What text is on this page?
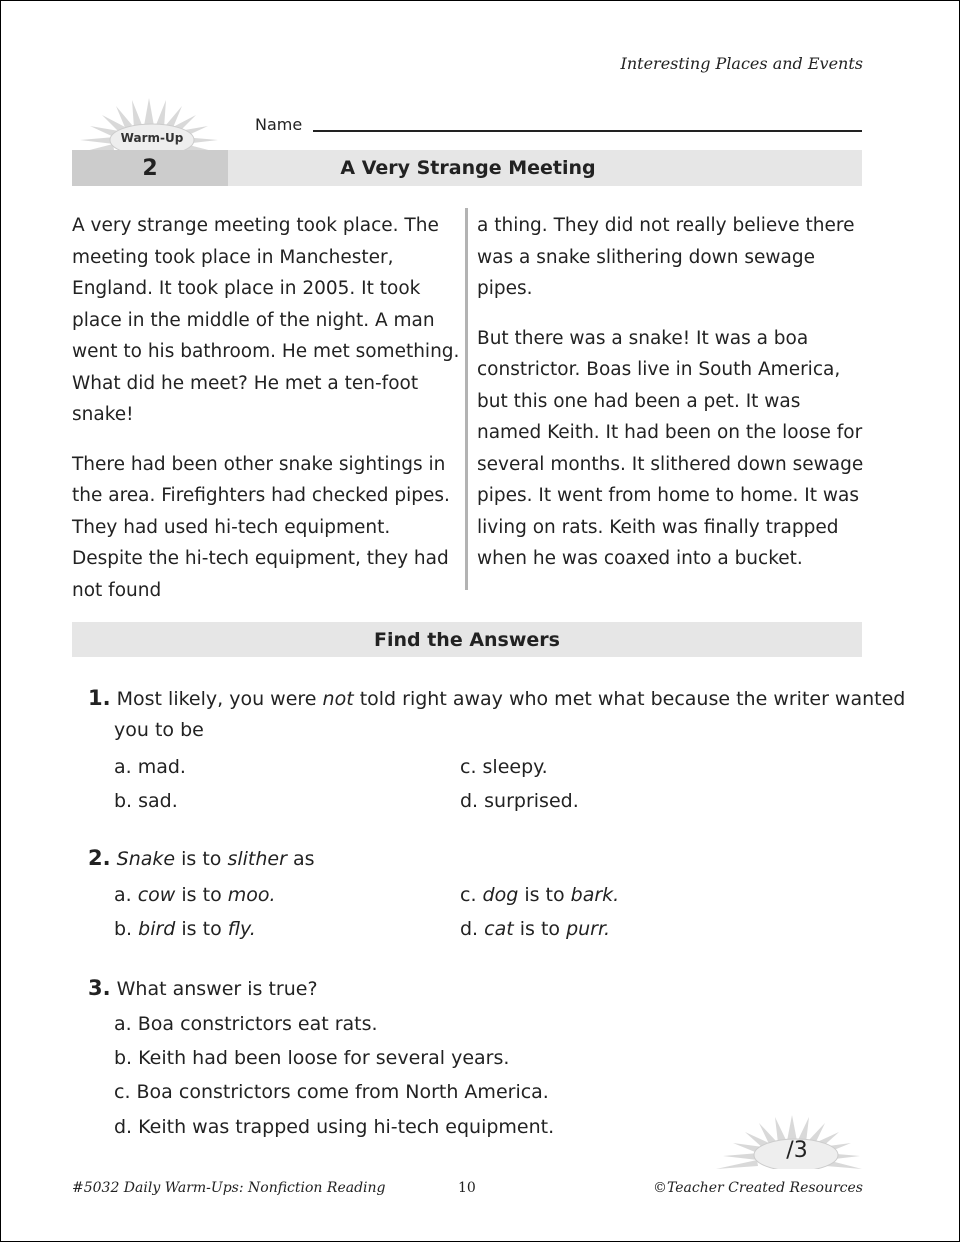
Interesting Places and Events
Warm-Up
Name
2	A Very Strange Meeting

A very strange meeting took place. The meeting took place in Manchester, England. It took place in 2005. It took place in the middle of the night. A man went to his bathroom. He met something. What did he meet? He met a ten-foot snake!

There had been other snake sightings in the area. Firefighters had checked pipes. They had used hi-tech equipment. Despite the hi-tech equipment, they had not found

a thing. They did not really believe there was a snake slithering down sewage pipes.

But there was a snake! It was a boa constrictor. Boas live in South America, but this one had been a pet. It was named Keith. It had been on the loose for several months. It slithered down sewage pipes. It went from home to home. It was living on rats. Keith was finally trapped when he was coaxed into a bucket.

Find the Answers
1. Most likely, you were not told right away who met what because the writer wanted
you to be
a. mad.	c. sleepy.
b. sad.	d. surprised.
2. Snake is to slither as
a. cow is to moo.	c. dog is to bark.
b. bird is to fly.	d. cat is to purr.
3. What answer is true?
a. Boa constrictors eat rats.
b. Keith had been loose for several years.
c. Boa constrictors come from North America.
d. Keith was trapped using hi-tech equipment.
/3
#5032 Daily Warm-Ups: Nonfiction Reading	10	©Teacher Created Resources
